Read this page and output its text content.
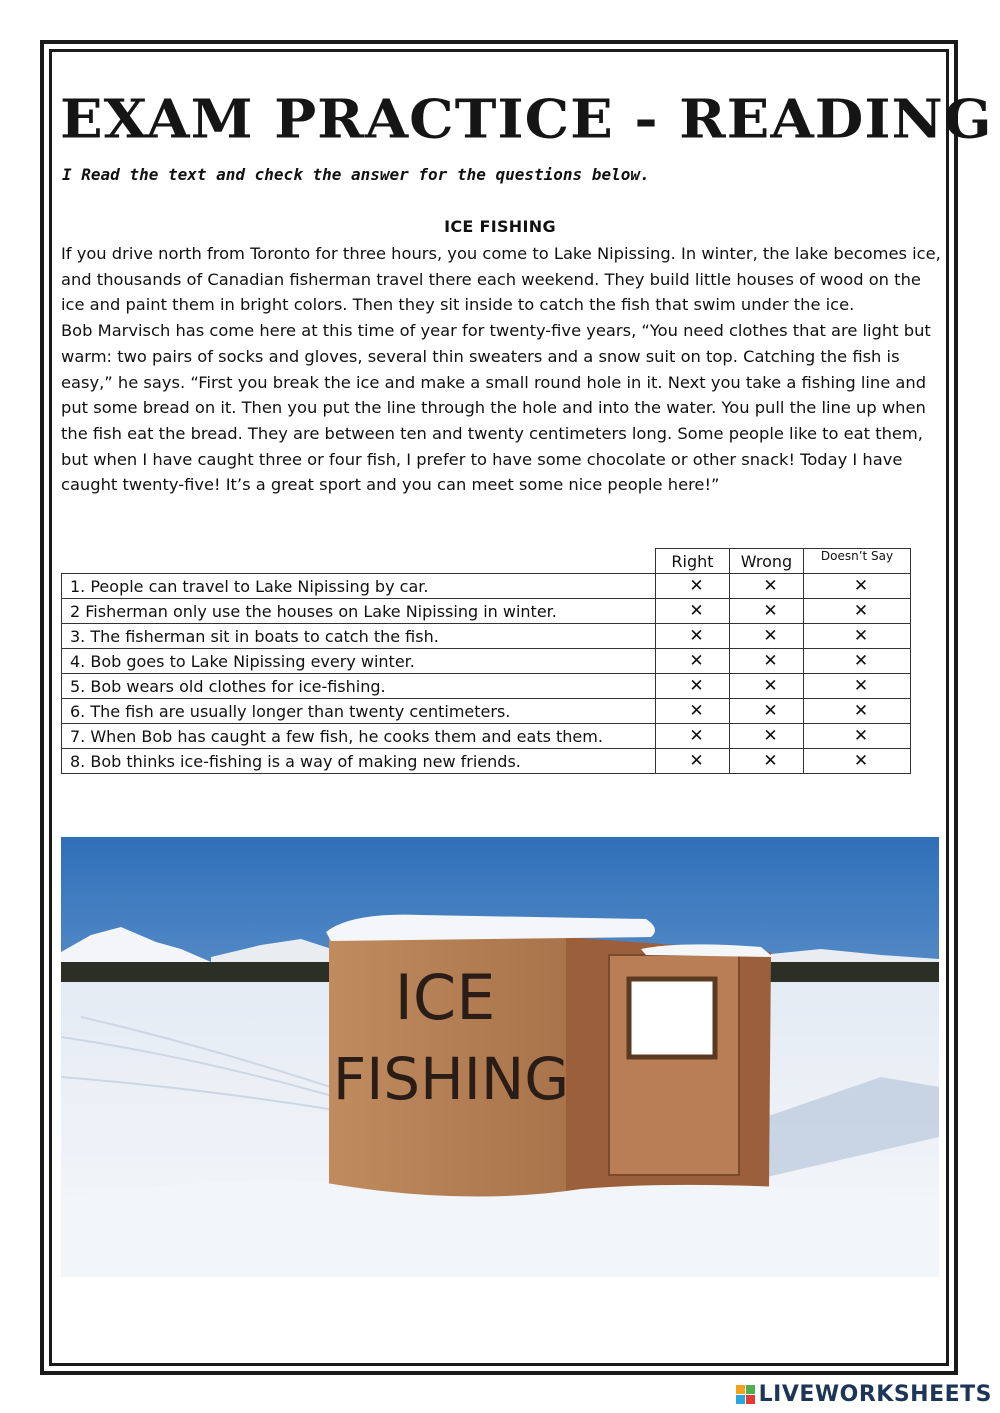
EXAM PRACTICE - READING
I Read the text and check the answer for the questions below.
ICE FISHING

If you drive north from Toronto for three hours, you come to Lake Nipissing. In winter, the lake becomes ice, and thousands of Canadian fisherman travel there each weekend. They build little houses of wood on the ice and paint them in bright colors. Then they sit inside to catch the fish that swim under the ice.

Bob Marvisch has come here at this time of year for twenty-five years, “You need clothes that are light but warm: two pairs of socks and gloves, several thin sweaters and a snow suit on top. Catching the fish is easy,” he says. “First you break the ice and make a small round hole in it. Next you take a fishing line and put some bread on it. Then you put the line through the hole and into the water. You pull the line up when the fish eat the bread. They are between ten and twenty centimeters long. Some people like to eat them, but when I have caught three or four fish, I prefer to have some chocolate or other snack! Today I have caught twenty-five! It’s a great sport and you can meet some nice people here!”

	Right	Wrong	Doesn’t Say
1. People can travel to Lake Nipissing by car.	✕	✕	✕
2 Fisherman only use the houses on Lake Nipissing in winter.	✕	✕	✕
3. The fisherman sit in boats to catch the fish.	✕	✕	✕
4. Bob goes to Lake Nipissing every winter.	✕	✕	✕
5. Bob wears old clothes for ice-fishing.	✕	✕	✕
6. The fish are usually longer than twenty centimeters.	✕	✕	✕
7. When Bob has caught a few fish, he cooks them and eats them.	✕	✕	✕
8. Bob thinks ice-fishing is a way of making new friends.	✕	✕	✕
ICE
FISHING
LIVEWORKSHEETS
